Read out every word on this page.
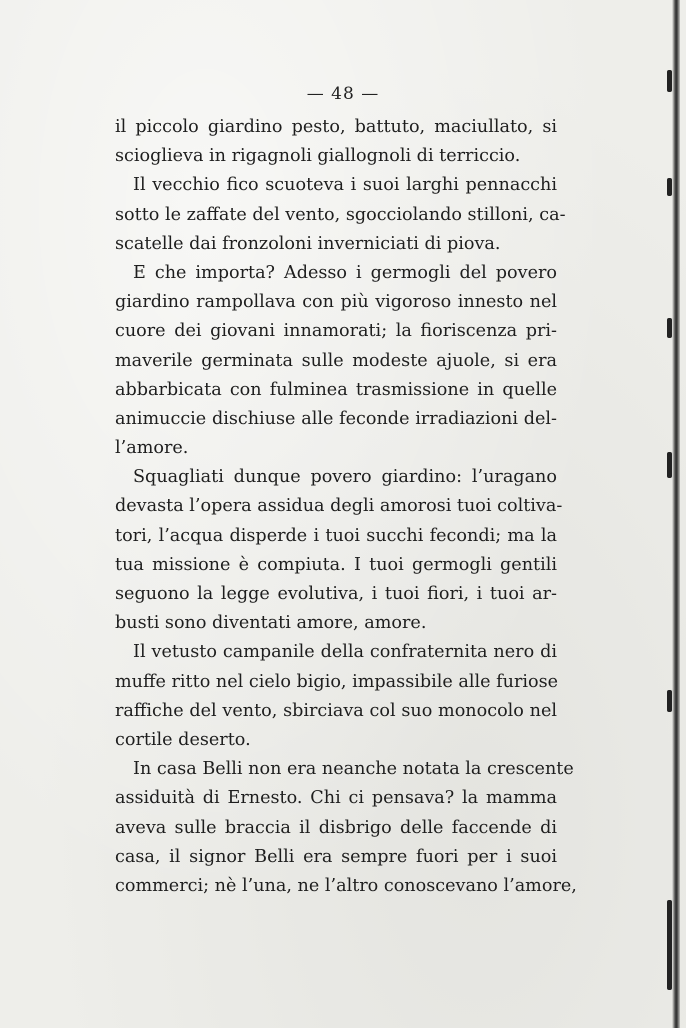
— 48 —
il piccolo giardino pesto, battuto, maciullato, si
scioglieva in rigagnoli giallognoli di terriccio.
Il vecchio fico scuoteva i suoi larghi pennacchi
sotto le zaffate del vento, sgocciolando stilloni, ca-
scatelle dai fronzoloni inverniciati di piova.
E che importa? Adesso i germogli del povero
giardino rampollava con più vigoroso innesto nel
cuore dei giovani innamorati; la fioriscenza pri-
maverile germinata sulle modeste ajuole, si era
abbarbicata con fulminea trasmissione in quelle
animuccie dischiuse alle feconde irradiazioni del-
l’amore.
Squagliati dunque povero giardino: l’uragano
devasta l’opera assidua degli amorosi tuoi coltiva-
tori, l’acqua disperde i tuoi succhi fecondi; ma la
tua missione è compiuta. I tuoi germogli gentili
seguono la legge evolutiva, i tuoi fiori, i tuoi ar-
busti sono diventati amore, amore.
Il vetusto campanile della confraternita nero di
muffe ritto nel cielo bigio, impassibile alle furiose
raffiche del vento, sbirciava col suo monocolo nel
cortile deserto.
In casa Belli non era neanche notata la crescente
assiduità di Ernesto. Chi ci pensava? la mamma
aveva sulle braccia il disbrigo delle faccende di
casa, il signor Belli era sempre fuori per i suoi
commerci; nè l’una, ne l’altro conoscevano l’amore,
